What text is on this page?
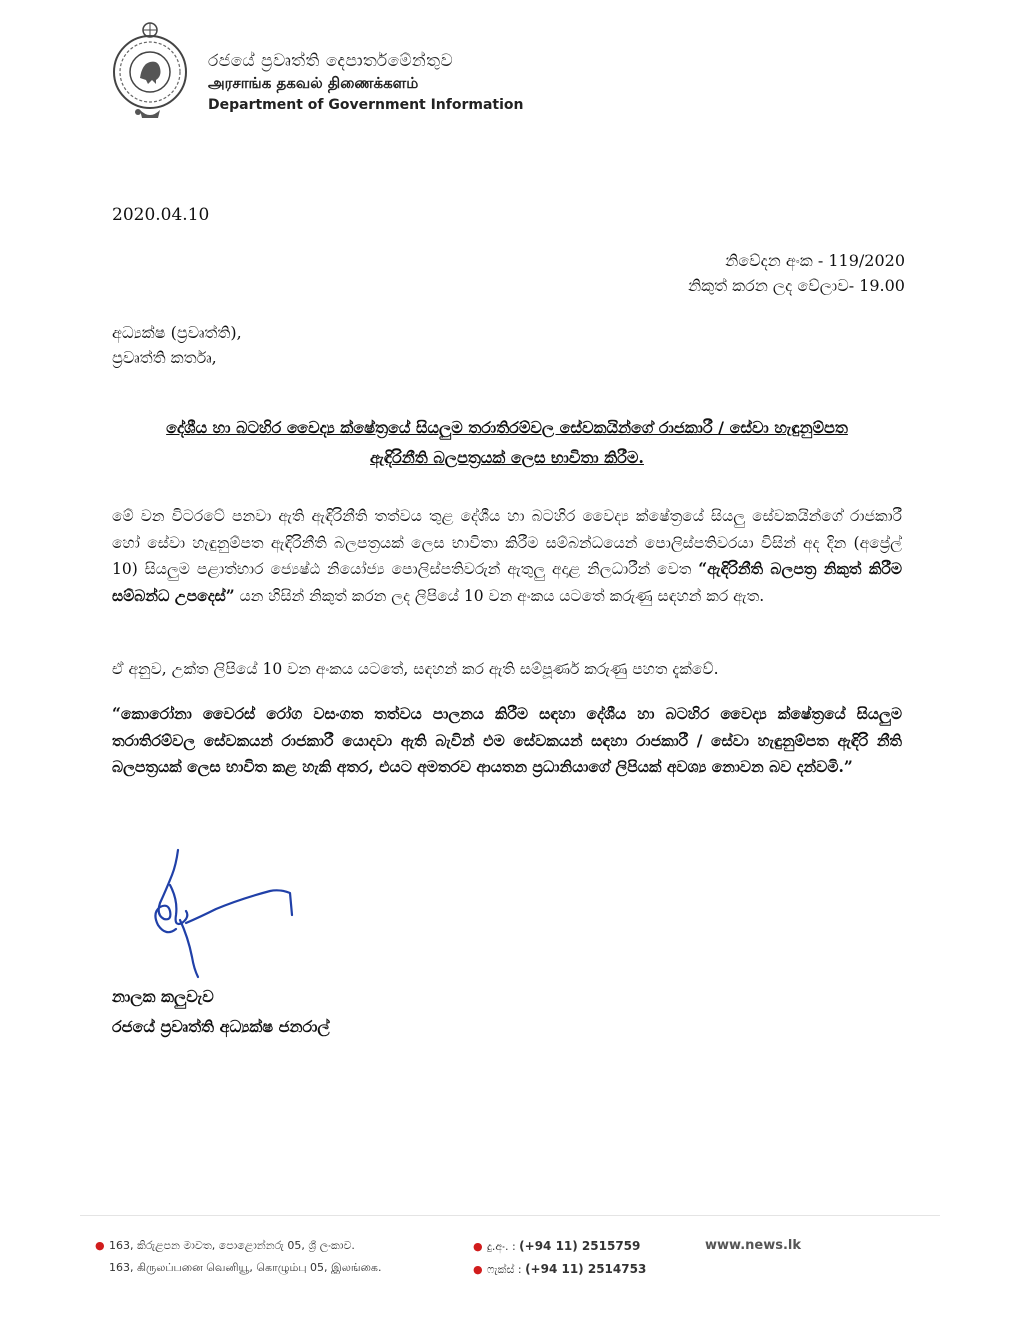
රජයේ ප්‍රවෘත්ති දෙපාර්තමේන්තුව
அரசாங்க தகவல் திணைக்களம்
Department of Government Information
2020.04.10
නිවේදන අංක - 119/2020
නිකුත් කරන ලද වේලාව- 19.00
අධ්‍යක්ෂ (ප්‍රවෘත්ති),
ප්‍රවෘත්ති කර්තෘ,
දේශීය හා බටහිර වෛද්‍ය ක්ෂේත්‍රයේ සියලුම තරාතිරම්වල සේවකයින්ගේ රාජකාරී / සේවා හැඳුනුම්පත
ඇඳිරිනීති බලපත්‍රයක් ලෙස භාවිතා කිරීම.
මේ වන විටරටේ පනවා ඇති ඇඳිරිනීති තත්වය තුළ දේශීය හා බටහිර වෛද්‍ය ක්ෂේත්‍රයේ සියලු සේවකයින්ගේ රාජකාරී හෝ සේවා හැඳුනුම්පත ඇඳිරිනීති බලපත්‍රයක් ලෙස භාවිතා කිරීම සම්බන්ධයෙන් පොලිස්පතිවරයා විසින් අද දින (අප්‍රේල් 10) සියලුම පළාත්භාර ජ්‍යෙෂ්ඨ නියෝජ්‍ය පොලිස්පතිවරුන් ඇතුලු අදාළ නිලධාරීන් වෙත “ඇඳිරිනීති බලපත්‍ර නිකුත් කිරීම සම්බන්ධ උපදෙස්” යන හිසින් නිකුත් කරන ලද ලිපියේ 10 වන අංකය යටතේ කරුණු සඳහන් කර ඇත.
ඒ අනුව, උක්ත ලිපියේ 10 වන අංකය යටතේ, සඳහන් කර ඇති සම්පූර්ණ කරුණු පහත දැක්වේ.
“කොරෝනා වෛරස් රෝග වසංගත තත්වය පාලනය කිරීම සඳහා දේශීය හා බටහිර වෛද්‍ය ක්ෂේත්‍රයේ සියලුම තරාතිරම්වල සේවකයන් රාජකාරී යොදවා ඇති බැවින් එම සේවකයන් සඳහා රාජකාරී / සේවා හැඳුනුම්පත ඇඳිරි නීති බලපත්‍රයක් ලෙස භාවිත කළ හැකි අතර, එයට අමතරව ආයතන ප්‍රධානියාගේ ලිපියක් අවශ්‍ය නොවන බව දන්වමි.”
නාලක කලුවැව
රජයේ ප්‍රවෘත්ති අධ්‍යක්ෂ ජනරාල්
● 163, කිරුළපන මාවත, පොළොන්නරු 05, ශ්‍රී ලංකාව.
163, கிருலப்பனை வெனியூ, கொழும்பு 05, இலங்கை.
● දු.අං. : (+94 11) 2515759
● ෆැක්ස් : (+94 11) 2514753
www.news.lk
